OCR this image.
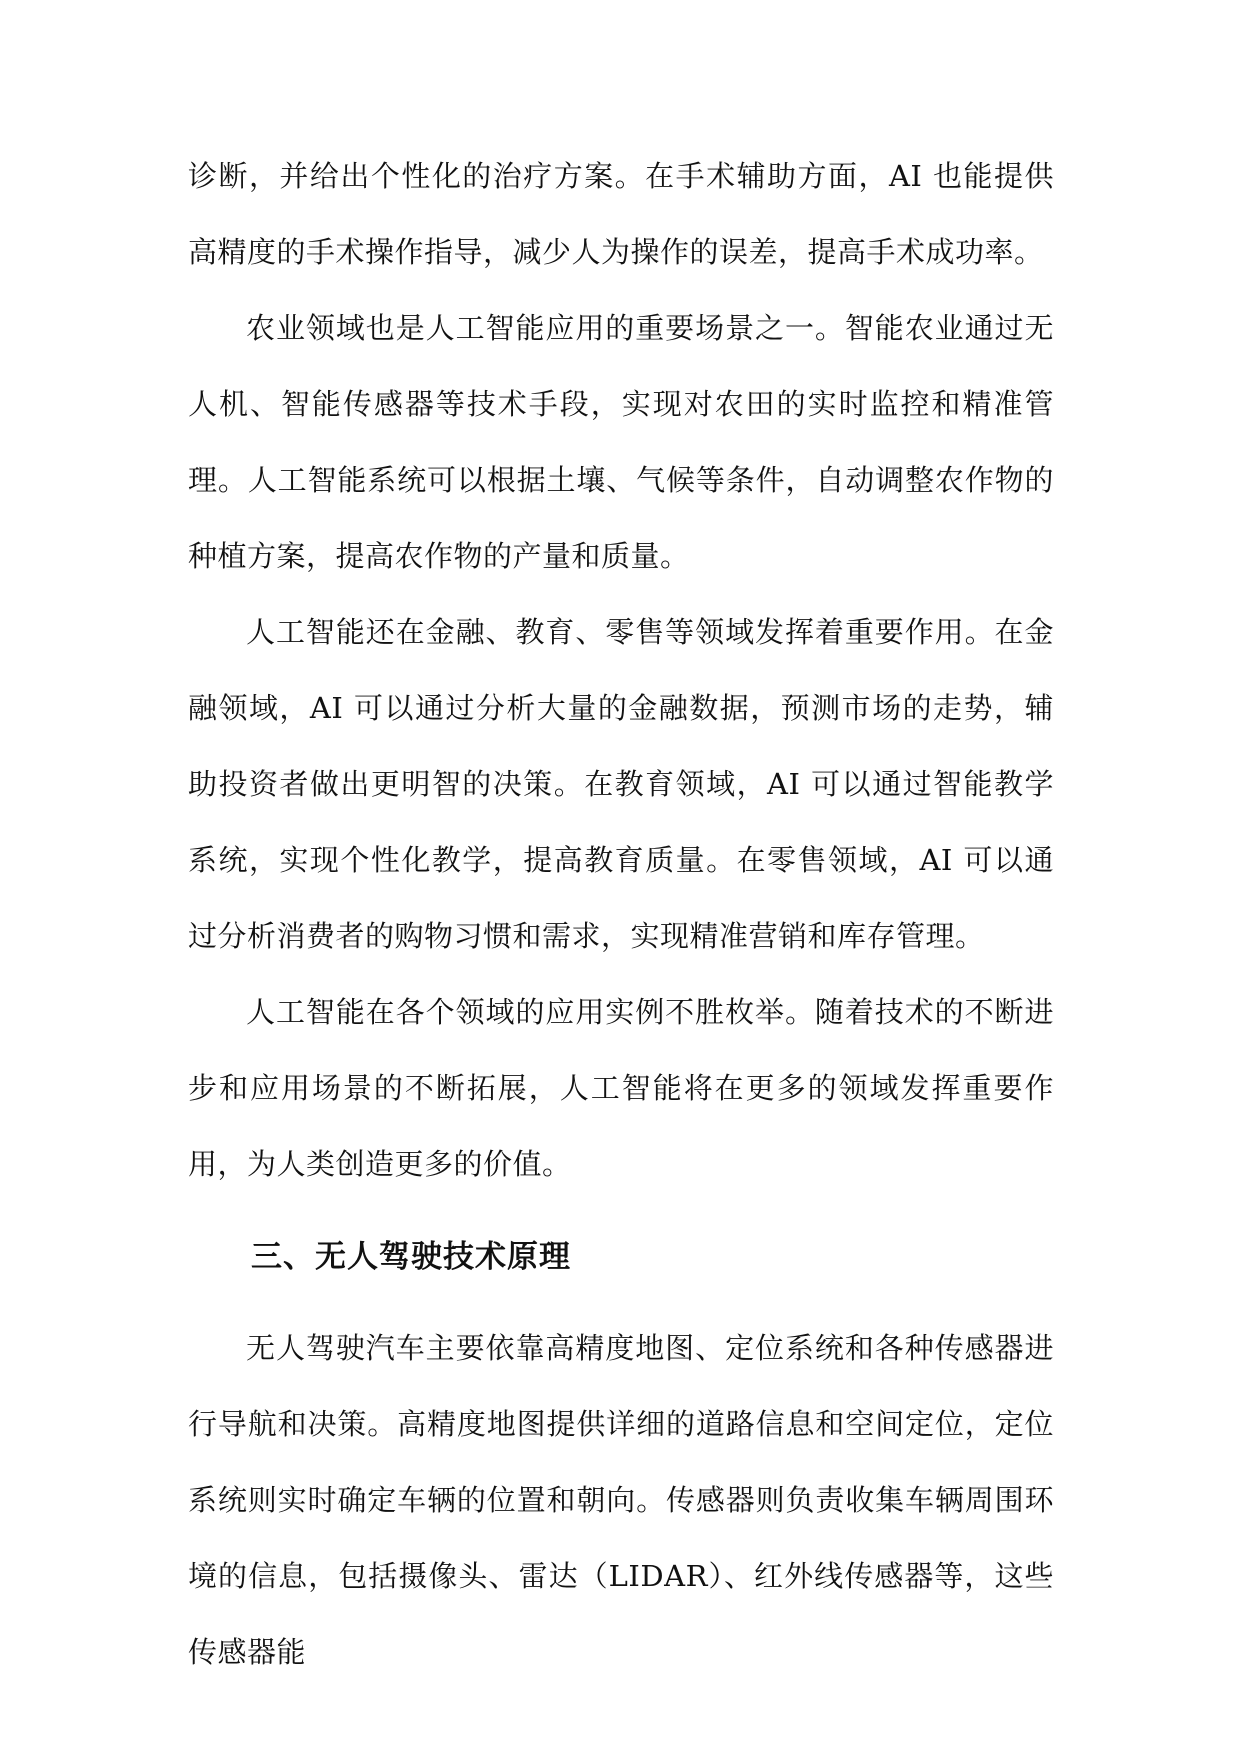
诊断，并给出个性化的治疗方案。在手术辅助方面，AI 也能提供高精度的手术操作指导，减少人为操作的误差，提高手术成功率。

农业领域也是人工智能应用的重要场景之一。智能农业通过无人机、智能传感器等技术手段，实现对农田的实时监控和精准管理。人工智能系统可以根据土壤、气候等条件，自动调整农作物的种植方案，提高农作物的产量和质量。

人工智能还在金融、教育、零售等领域发挥着重要作用。在金融领域，AI 可以通过分析大量的金融数据，预测市场的走势，辅助投资者做出更明智的决策。在教育领域，AI 可以通过智能教学系统，实现个性化教学，提高教育质量。在零售领域，AI 可以通过分析消费者的购物习惯和需求，实现精准营销和库存管理。

人工智能在各个领域的应用实例不胜枚举。随着技术的不断进步和应用场景的不断拓展，人工智能将在更多的领域发挥重要作用，为人类创造更多的价值。

三、无人驾驶技术原理

无人驾驶汽车主要依靠高精度地图、定位系统和各种传感器进行导航和决策。高精度地图提供详细的道路信息和空间定位，定位系统则实时确定车辆的位置和朝向。传感器则负责收集车辆周围环境的信息，包括摄像头、雷达（LIDAR）、红外线传感器等，这些传感器能
